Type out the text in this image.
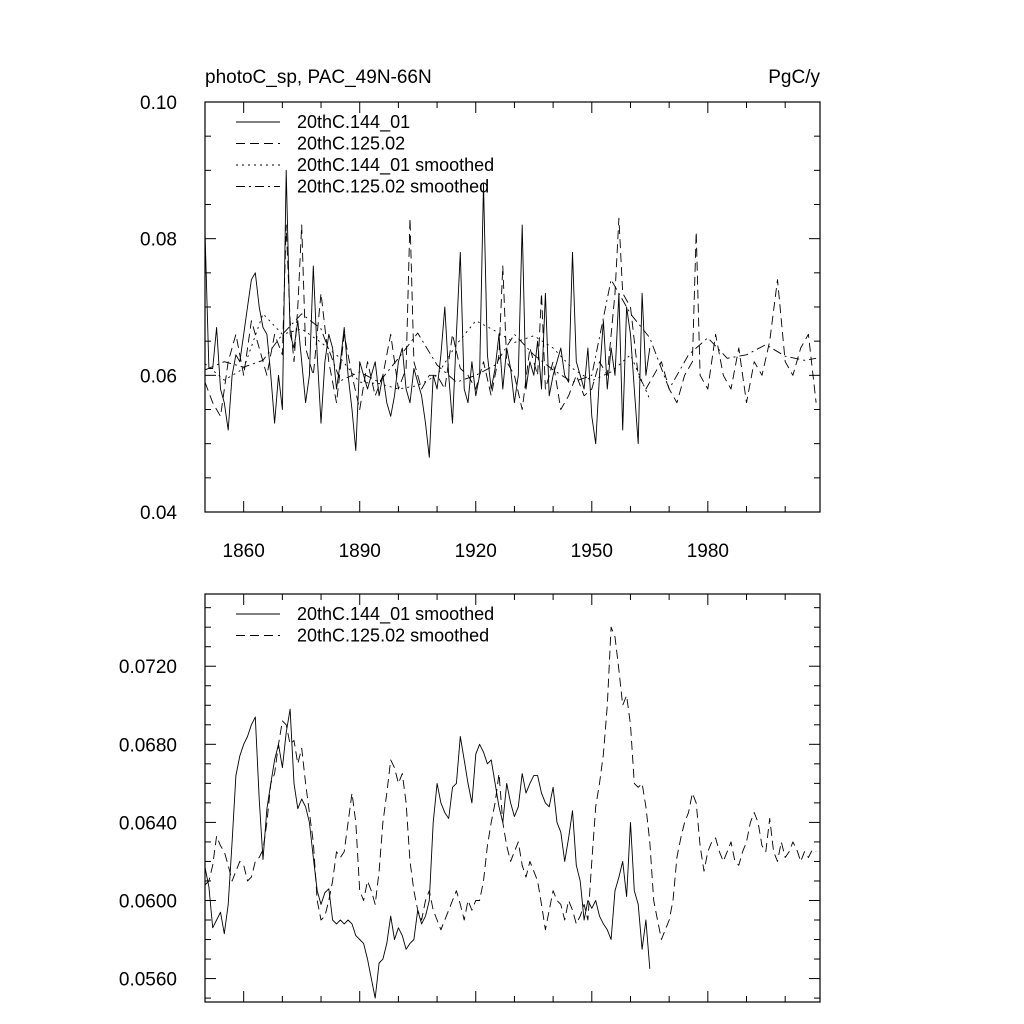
photoC_sp, PAC_49N-66N	PgC/y
1860	1890	1920	1950	1980
0.04
0.06
0.08
0.10
20thC.144_01
20thC.125.02
20thC.144_01 smoothed
20thC.125.02 smoothed
0.0560
0.0600
0.0640
0.0680
0.0720
20thC.144_01 smoothed
20thC.125.02 smoothed
